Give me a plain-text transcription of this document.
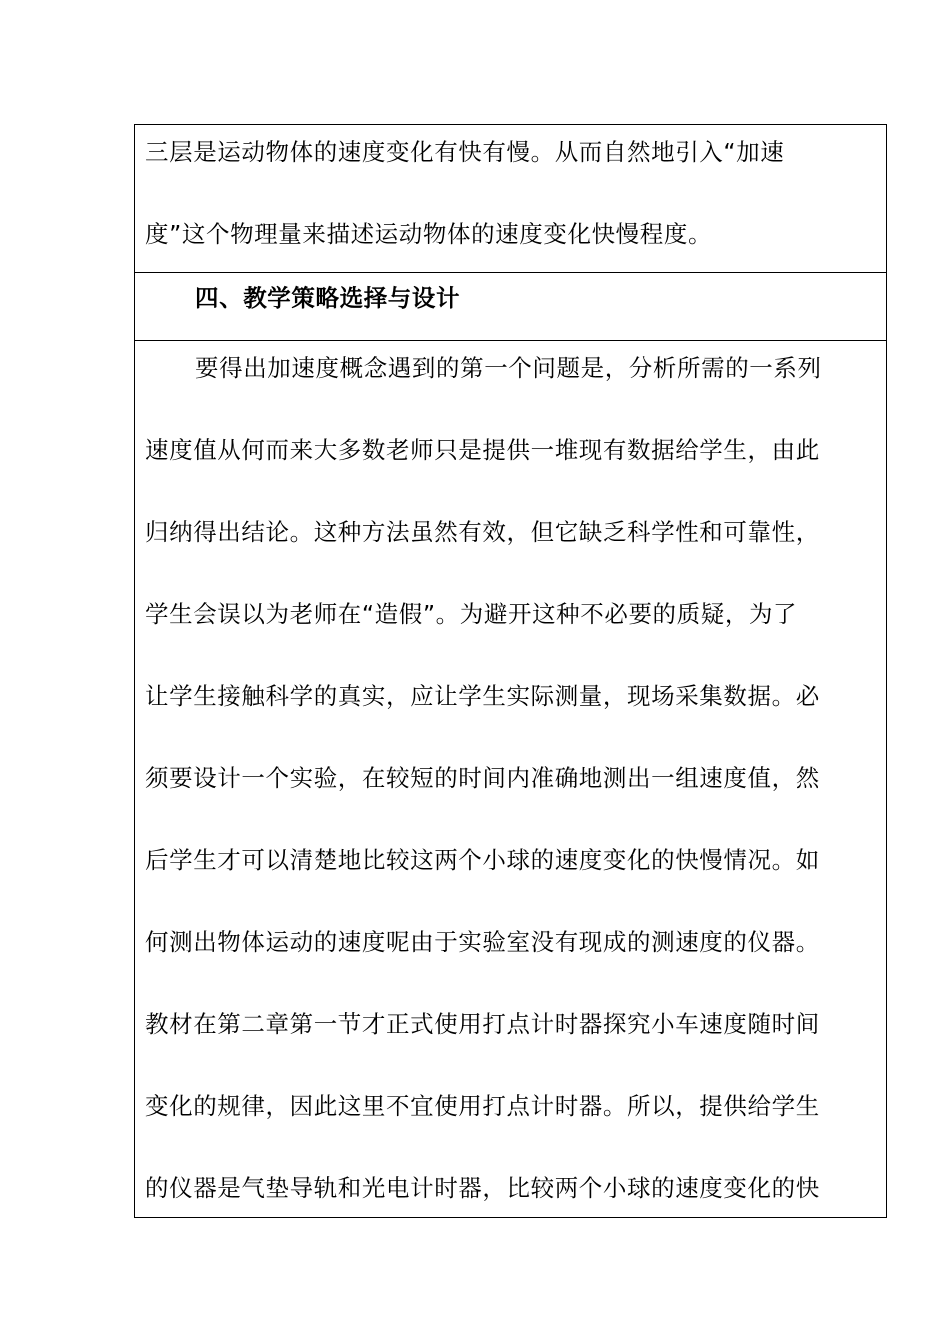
三层是运动物体的速度变化有快有慢。从而自然地引入“加速
度”这个物理量来描述运动物体的速度变化快慢程度。
四、教学策略选择与设计
要得出加速度概念遇到的第一个问题是，分析所需的一系列
速度值从何而来大多数老师只是提供一堆现有数据给学生，由此
归纳得出结论。这种方法虽然有效，但它缺乏科学性和可靠性，
学生会误以为老师在“造假”。为避开这种不必要的质疑，为了
让学生接触科学的真实，应让学生实际测量，现场采集数据。必
须要设计一个实验，在较短的时间内准确地测出一组速度值，然
后学生才可以清楚地比较这两个小球的速度变化的快慢情况。如
何测出物体运动的速度呢由于实验室没有现成的测速度的仪器。
教材在第二章第一节才正式使用打点计时器探究小车速度随时间
变化的规律，因此这里不宜使用打点计时器。所以，提供给学生
的仪器是气垫导轨和光电计时器，比较两个小球的速度变化的快
